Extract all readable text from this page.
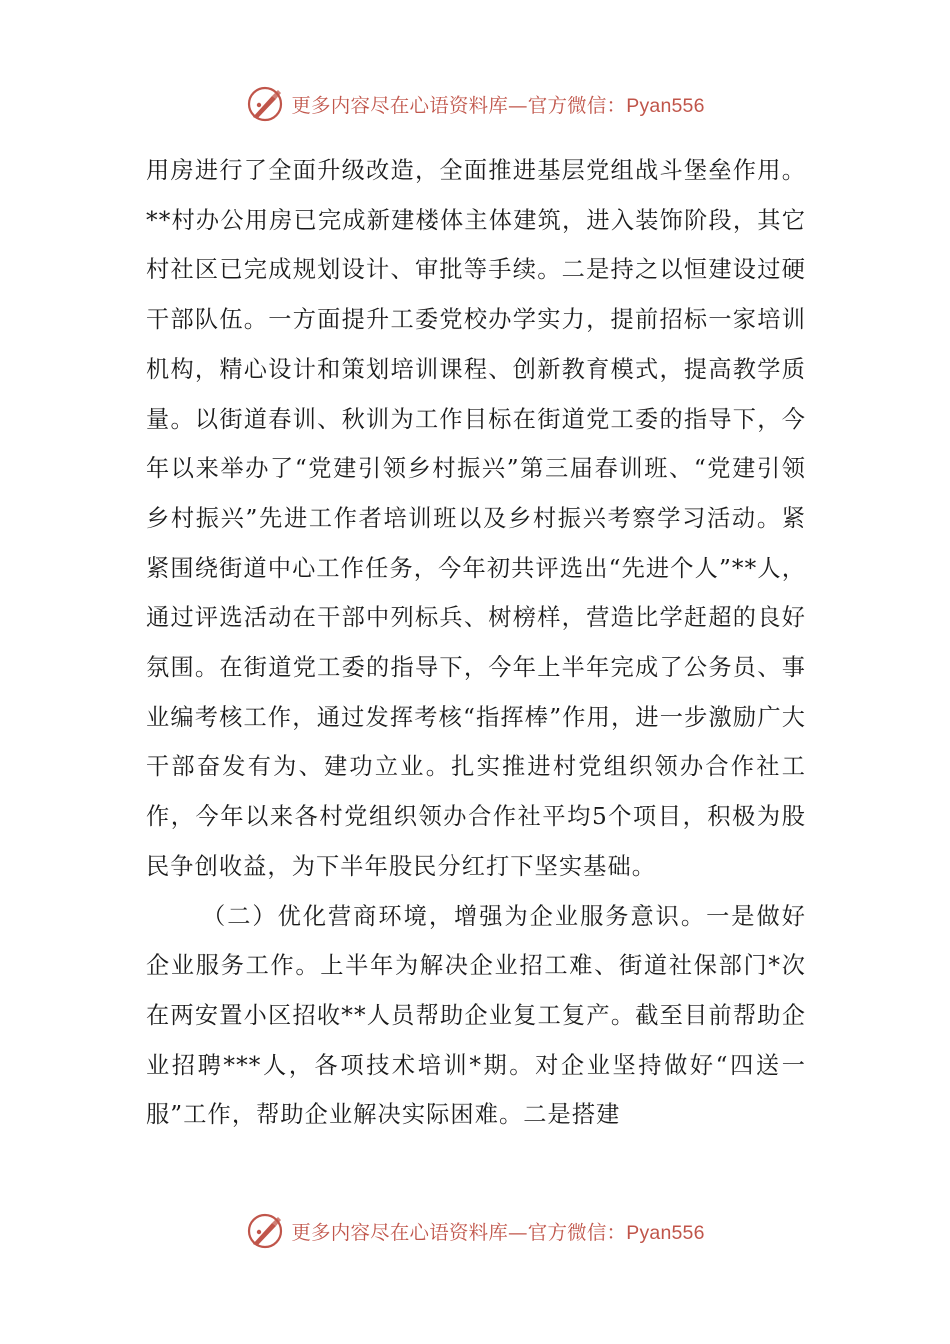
更多内容尽在心语资料库—官方微信：Pyan556

用房进行了全面升级改造，全面推进基层党组战斗堡垒作用。**村办公用房已完成新建楼体主体建筑，进入装饰阶段，其它村社区已完成规划设计、审批等手续。二是持之以恒建设过硬干部队伍。一方面提升工委党校办学实力，提前招标一家培训机构，精心设计和策划培训课程、创新教育模式，提高教学质量。以街道春训、秋训为工作目标在街道党工委的指导下，今年以来举办了“党建引领乡村振兴”第三届春训班、“党建引领乡村振兴”先进工作者培训班以及乡村振兴考察学习活动。紧紧围绕街道中心工作任务，今年初共评选出“先进个人”**人，通过评选活动在干部中列标兵、树榜样，营造比学赶超的良好氛围。在街道党工委的指导下，今年上半年完成了公务员、事业编考核工作，通过发挥考核“指挥棒”作用，进一步激励广大干部奋发有为、建功立业。扎实推进村党组织领办合作社工作，今年以来各村党组织领办合作社平均5个项目，积极为股民争创收益，为下半年股民分红打下坚实基础。

（二）优化营商环境，增强为企业服务意识。一是做好企业服务工作。上半年为解决企业招工难、街道社保部门*次在两安置小区招收**人员帮助企业复工复产。截至目前帮助企业招聘***人，各项技术培训*期。对企业坚持做好“四送一服”工作，帮助企业解决实际困难。二是搭建

更多内容尽在心语资料库—官方微信：Pyan556
